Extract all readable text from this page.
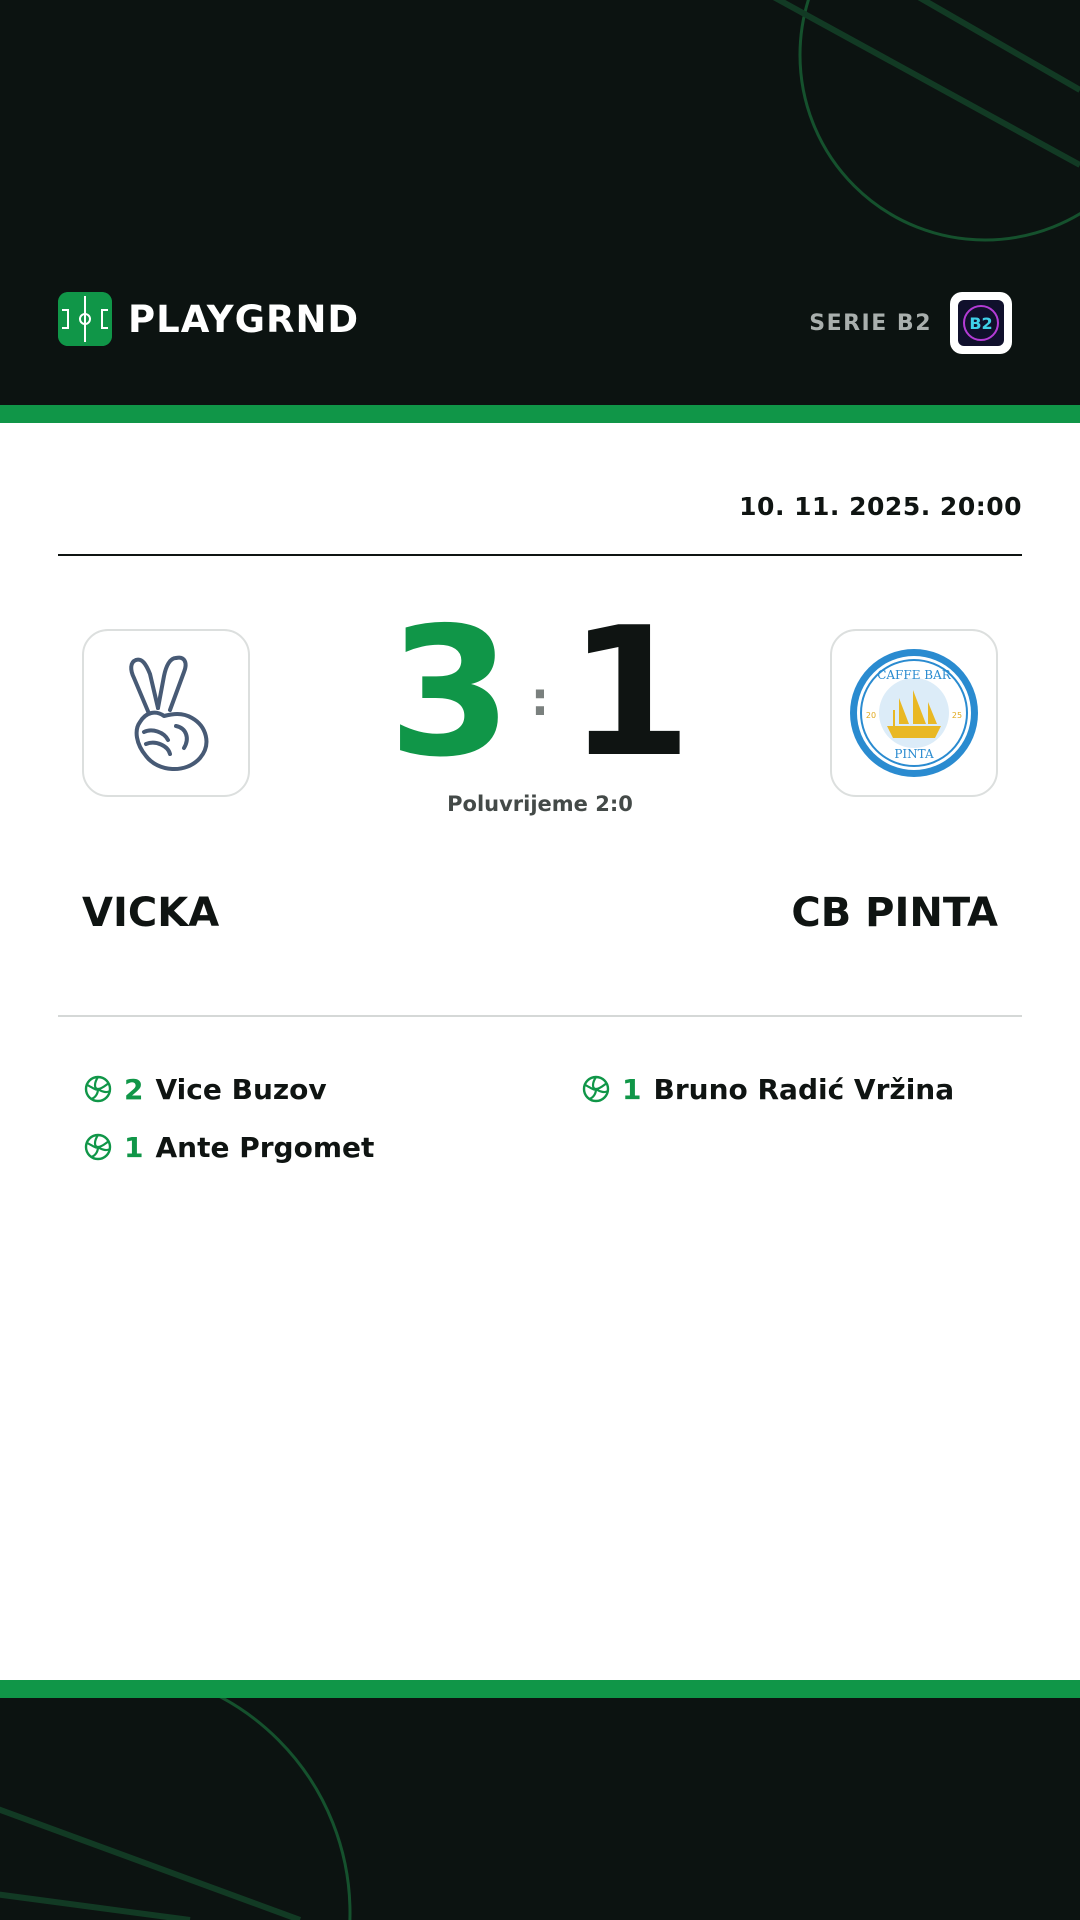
PLAYGRND	SERIE B2 B2
10. 11. 2025. 20:00
CAFFE BAR
PINTA
20	25
3 : 1
Poluvrijeme 2:0
VICKA	CB PINTA
2 Vice Buzov
1 Ante Prgomet
1 Bruno Radić Vržina
